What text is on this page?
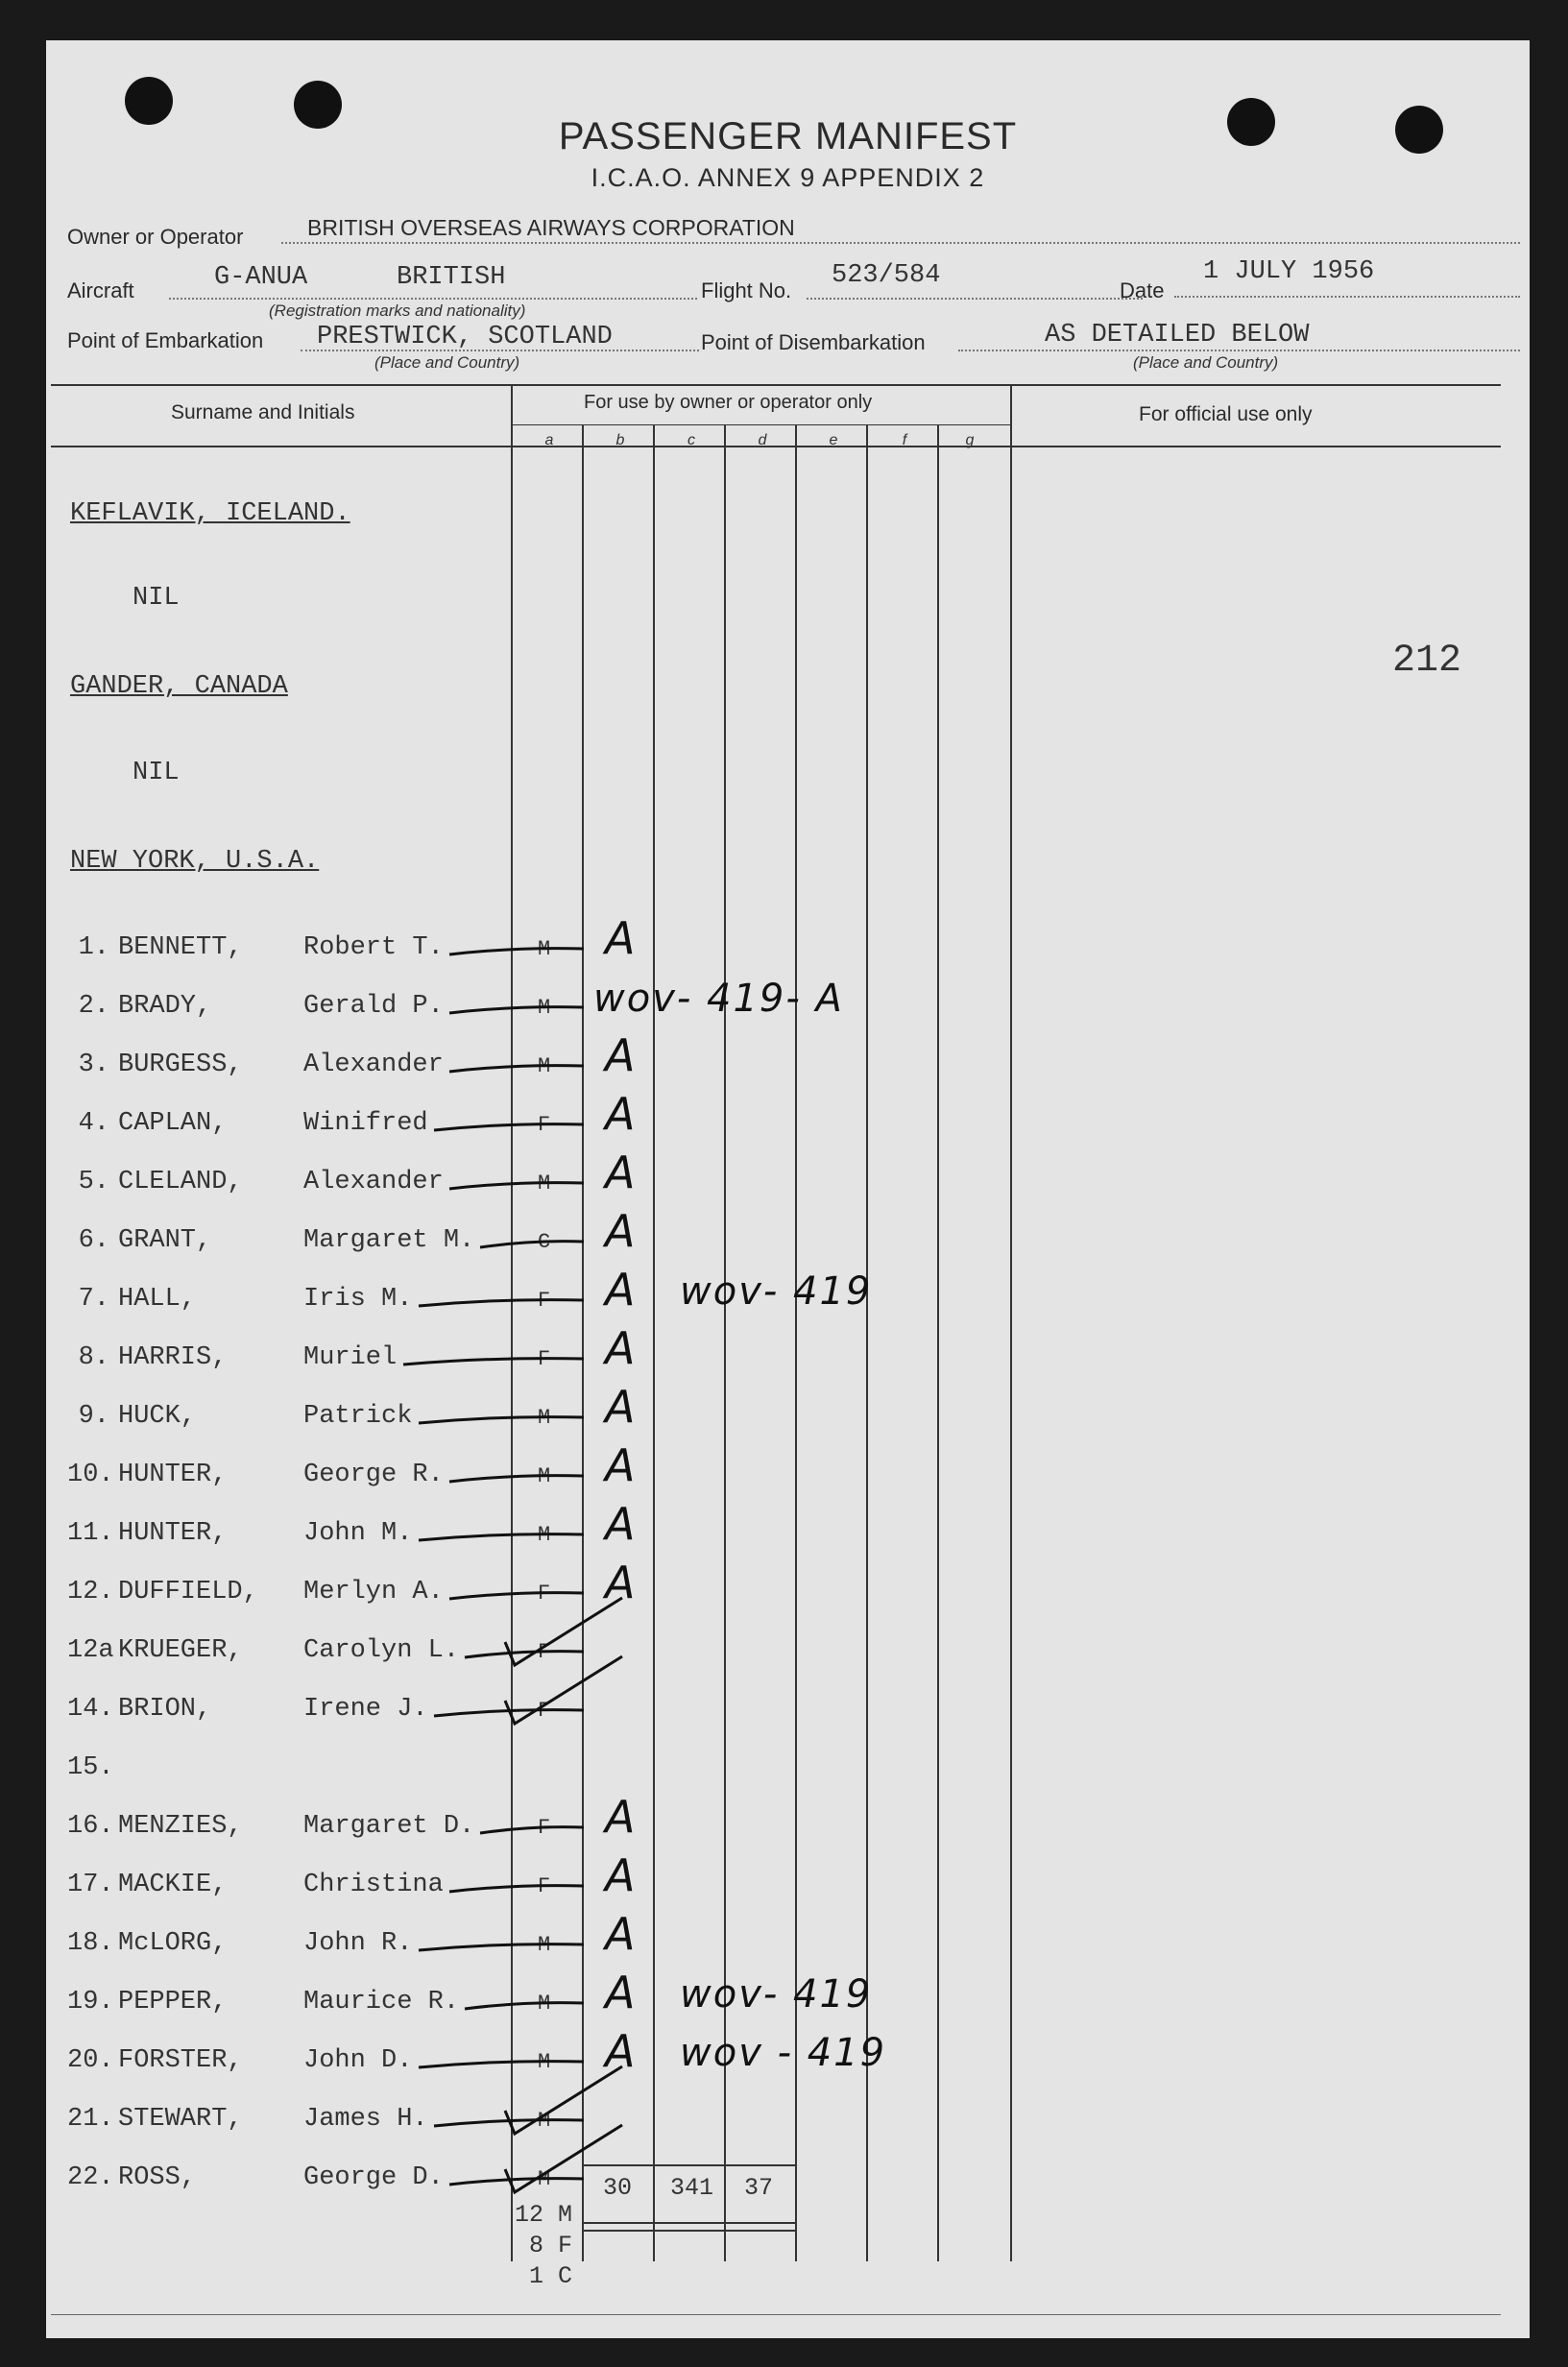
PASSENGER MANIFEST
I.C.A.O. ANNEX 9 APPENDIX 2
Owner or Operator	BRITISH OVERSEAS AIRWAYS CORPORATION
Aircraft	G-ANUA	BRITISH
(Registration marks and nationality)
Flight No.
523/584
Date
1 JULY 1956
Point of Embarkation PRESTWICK, SCOTLAND
(Place and Country)
Point of Disembarkation	AS DETAILED BELOW
(Place and Country)
Surname and Initials	For use by owner or operator only
For official use only
a	b	c	d	e	f	g
KEFLAVIK, ICELAND.
NIL
GANDER, CANADA
NIL
NEW YORK, U.S.A.
212
1. BENNETT, Robert T.	M A
2. BRADY,	Gerald P.	M wov- 419- A
3. BURGESS, Alexander	M A
4. CAPLAN,	Winifred	F A
5. CLELAND, Alexander	M A
6. GRANT,	Margaret M.	C A
7. HALL,	Iris M.	F A wov- 419
8. HARRIS,	Muriel	F A
9. HUCK,	Patrick	M A
10. HUNTER,	George R.	M A
11. HUNTER,	John M.	M A
12. DUFFIELD, Merlyn A.	F A
12a KRUEGER, Carolyn L.	F
14. BRION,	Irene J.	F
15.
16. MENZIES, Margaret D.	F A
17. MACKIE,	Christina	F A
18. McLORG,	John R.	M A
19. PEPPER,	Maurice R.	M A wov- 419
20. FORSTER, John D.	M A wov - 419
21. STEWART, James H.	M
22. ROSS,	George D.	M 30 341 37
12 M
8 F
1 C
